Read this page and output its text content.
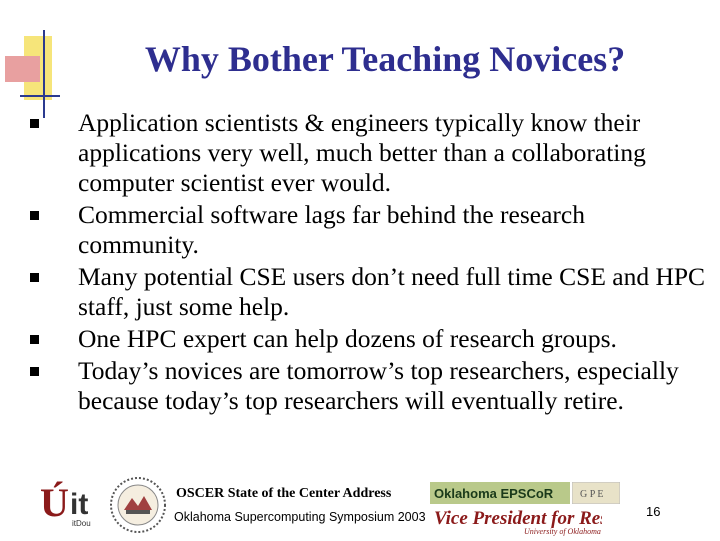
Why Bother Teaching Novices?
Application scientists & engineers typically know their applications very well, much better than a collaborating computer scientist ever would.
Commercial software lags far behind the research community.
Many potential CSE users don’t need full time CSE and HPC staff, just some help.
One HPC expert can help dozens of research groups.
Today’s novices are tomorrow’s top researchers, especially because today’s top researchers will eventually retire.
Ú it
itDou
OSCER State of the Center Address
Oklahoma Supercomputing Symposium 2003
Oklahoma EPSCoR	G P E
Vice President for Re
University of Oklahoma
16
